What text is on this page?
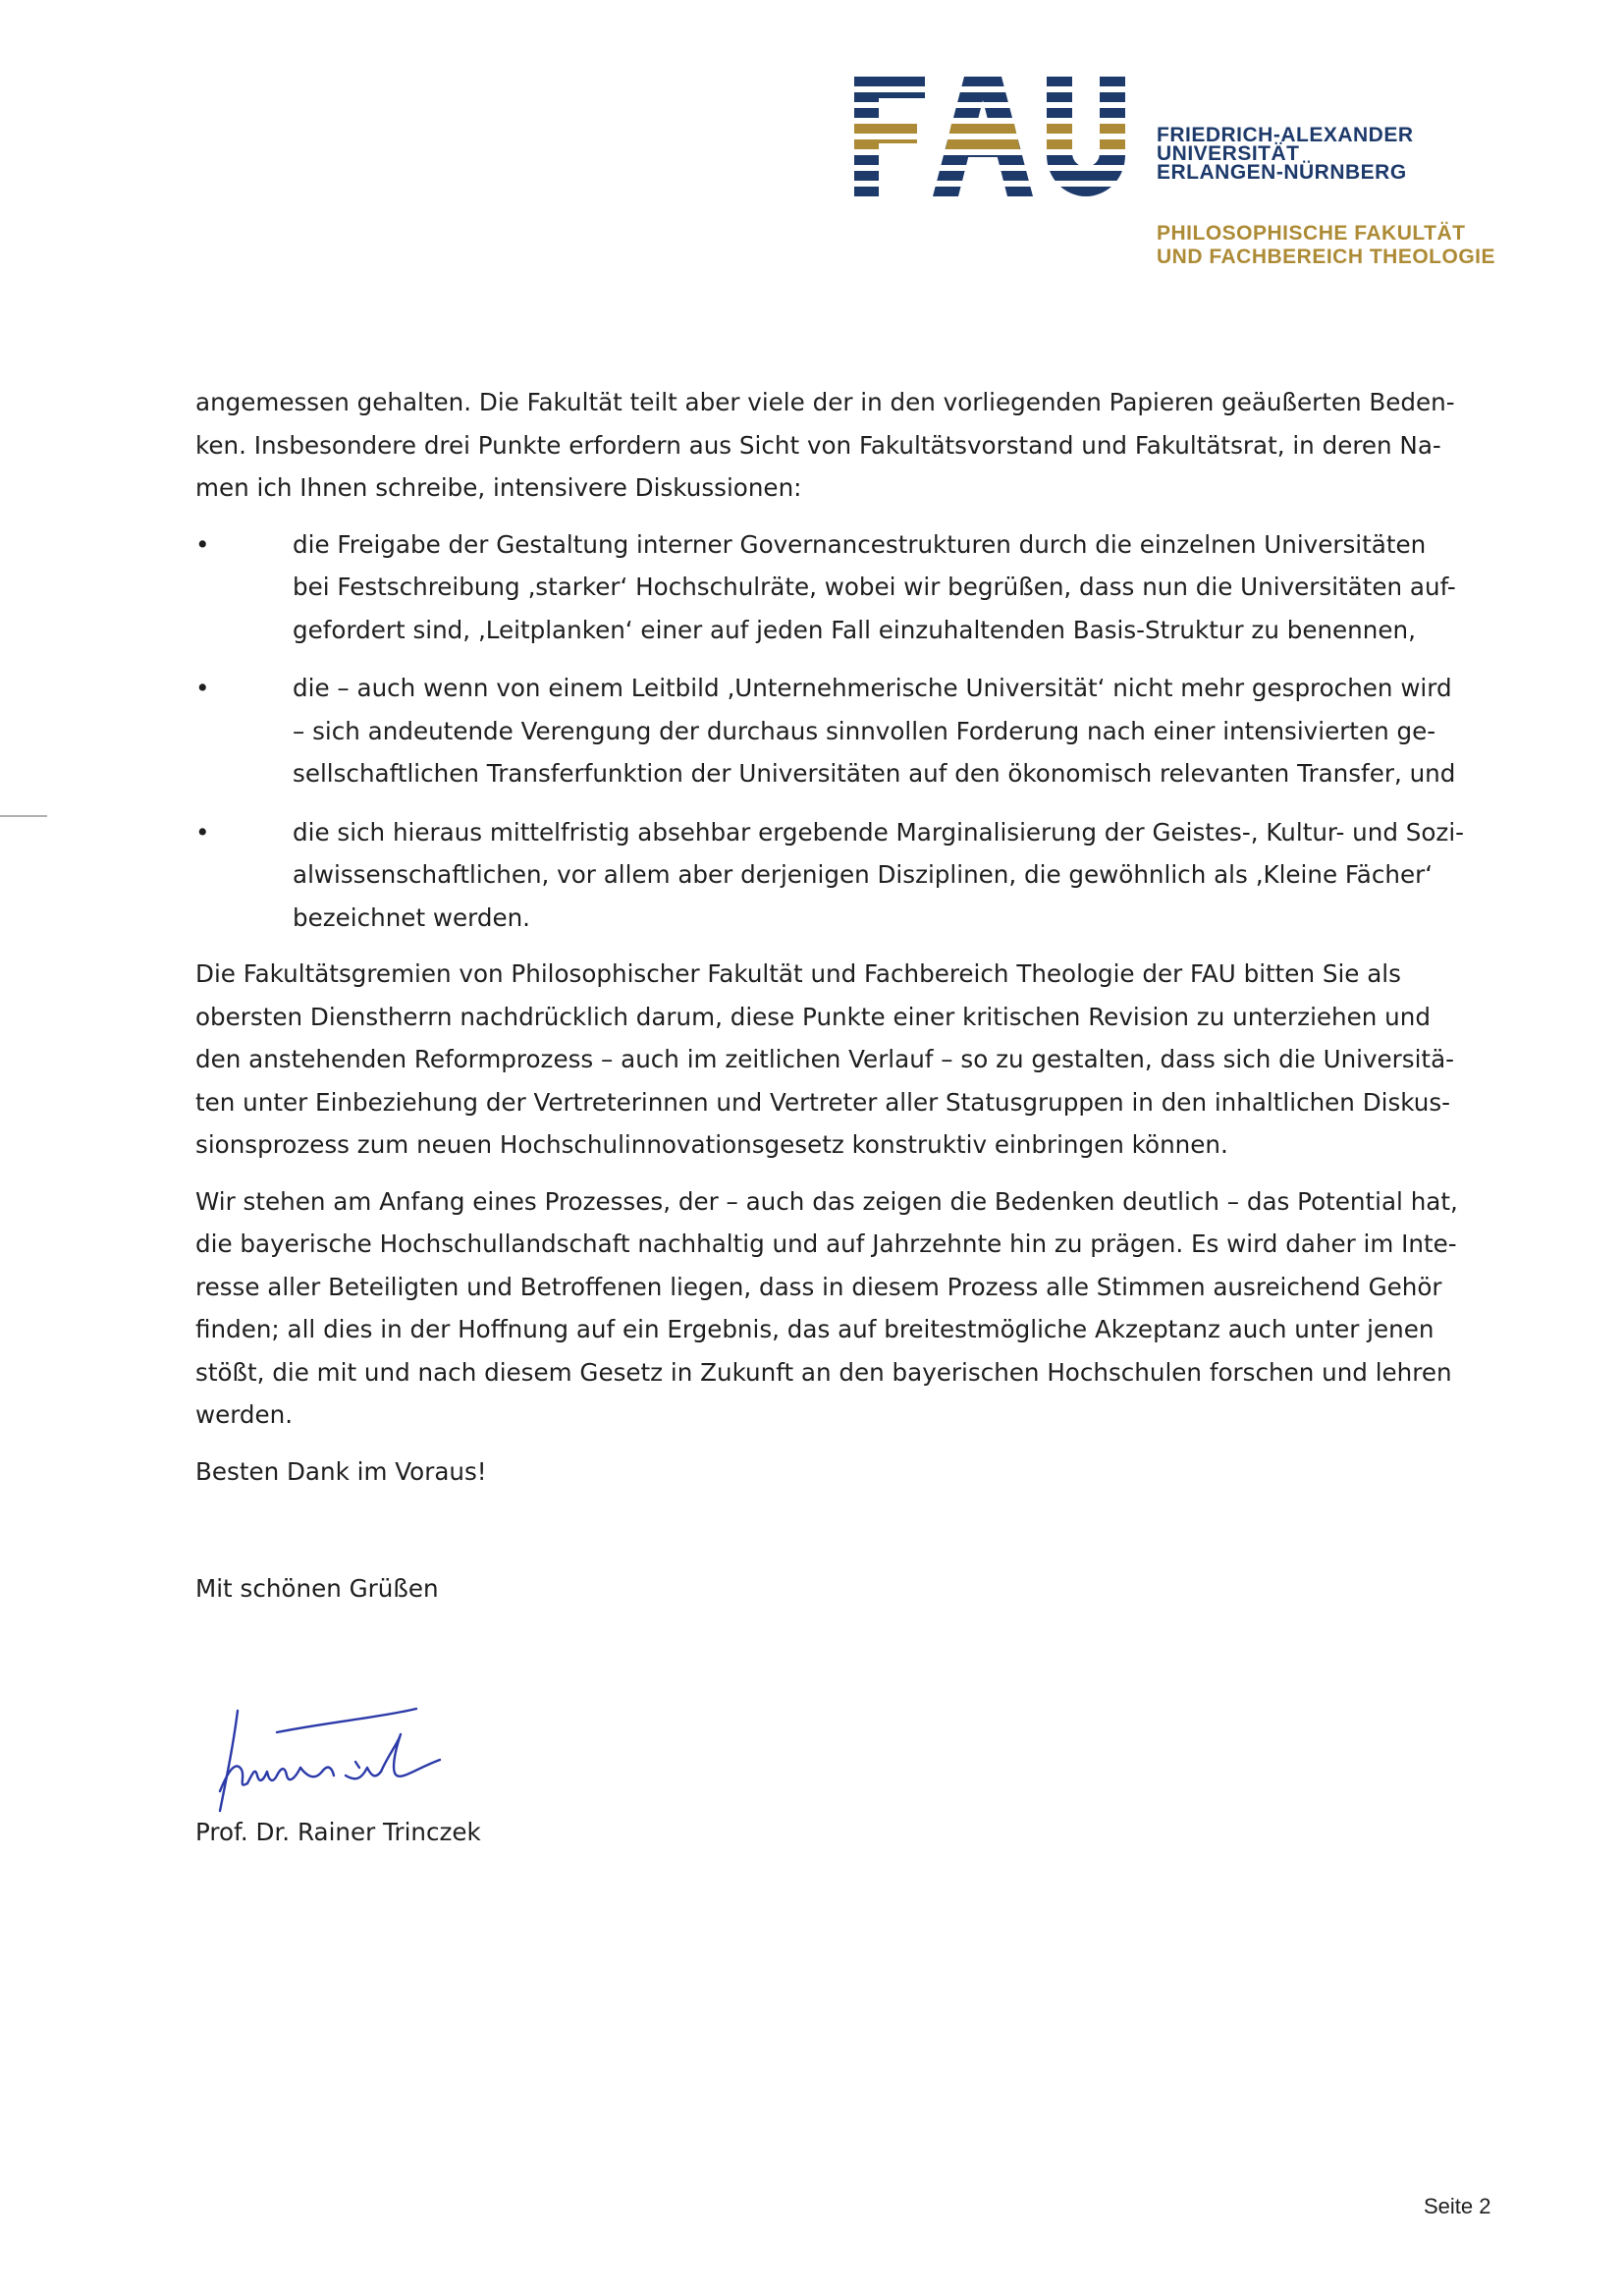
FRIEDRICH-ALEXANDER
UNIVERSITÄT
ERLANGEN-NÜRNBERG
PHILOSOPHISCHE FAKULTÄT
UND FACHBEREICH THEOLOGIE

angemessen gehalten. Die Fakultät teilt aber viele der in den vorliegenden Papieren geäußerten Beden-
ken. Insbesondere drei Punkte erfordern aus Sicht von Fakultätsvorstand und Fakultätsrat, in deren Na-
men ich Ihnen schreibe, intensivere Diskussionen:

•	die Freigabe der Gestaltung interner Governancestrukturen durch die einzelnen Universitäten
bei Festschreibung ‚starker‘ Hochschulräte, wobei wir begrüßen, dass nun die Universitäten auf-
gefordert sind, ‚Leitplanken‘ einer auf jeden Fall einzuhaltenden Basis-Struktur zu benennen,
•	die – auch wenn von einem Leitbild ‚Unternehmerische Universität‘ nicht mehr gesprochen wird
– sich andeutende Verengung der durchaus sinnvollen Forderung nach einer intensivierten ge-
sellschaftlichen Transferfunktion der Universitäten auf den ökonomisch relevanten Transfer, und
•	die sich hieraus mittelfristig absehbar ergebende Marginalisierung der Geistes-, Kultur- und Sozi-
alwissenschaftlichen, vor allem aber derjenigen Disziplinen, die gewöhnlich als ‚Kleine Fächer‘
bezeichnet werden.

Die Fakultätsgremien von Philosophischer Fakultät und Fachbereich Theologie der FAU bitten Sie als
obersten Dienstherrn nachdrücklich darum, diese Punkte einer kritischen Revision zu unterziehen und
den anstehenden Reformprozess – auch im zeitlichen Verlauf – so zu gestalten, dass sich die Universitä-
ten unter Einbeziehung der Vertreterinnen und Vertreter aller Statusgruppen in den inhaltlichen Diskus-
sionsprozess zum neuen Hochschulinnovationsgesetz konstruktiv einbringen können.

Wir stehen am Anfang eines Prozesses, der – auch das zeigen die Bedenken deutlich – das Potential hat,
die bayerische Hochschullandschaft nachhaltig und auf Jahrzehnte hin zu prägen. Es wird daher im Inte-
resse aller Beteiligten und Betroffenen liegen, dass in diesem Prozess alle Stimmen ausreichend Gehör
finden; all dies in der Hoffnung auf ein Ergebnis, das auf breitestmögliche Akzeptanz auch unter jenen
stößt, die mit und nach diesem Gesetz in Zukunft an den bayerischen Hochschulen forschen und lehren
werden.

Besten Dank im Voraus!

Mit schönen Grüßen

Prof. Dr. Rainer Trinczek

Seite 2
